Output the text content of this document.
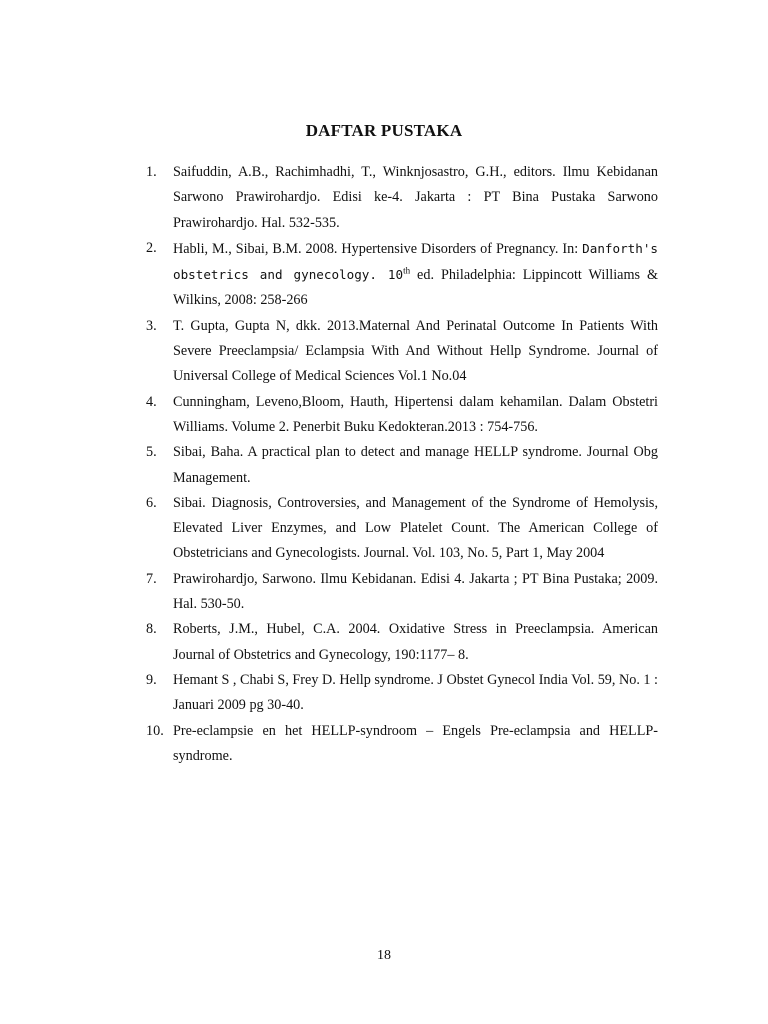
DAFTAR PUSTAKA
1. Saifuddin, A.B., Rachimhadhi, T., Winknjosastro, G.H., editors. Ilmu Kebidanan Sarwono Prawirohardjo. Edisi ke-4. Jakarta : PT Bina Pustaka Sarwono Prawirohardjo. Hal. 532-535.
2. Habli, M., Sibai, B.M. 2008. Hypertensive Disorders of Pregnancy. In: Danforth's obstetrics and gynecology. 10th ed. Philadelphia: Lippincott Williams & Wilkins, 2008: 258-266
3. T. Gupta, Gupta N, dkk. 2013.Maternal And Perinatal Outcome In Patients With Severe Preeclampsia/ Eclampsia With And Without Hellp Syndrome. Journal of Universal College of Medical Sciences Vol.1 No.04
4. Cunningham, Leveno,Bloom, Hauth, Hipertensi dalam kehamilan. Dalam Obstetri Williams. Volume 2. Penerbit Buku Kedokteran.2013 : 754-756.
5. Sibai, Baha. A practical plan to detect and manage HELLP syndrome. Journal Obg Management.
6. Sibai. Diagnosis, Controversies, and Management of the Syndrome of Hemolysis, Elevated Liver Enzymes, and Low Platelet Count. The American College of Obstetricians and Gynecologists. Journal. Vol. 103, No. 5, Part 1, May 2004
7. Prawirohardjo, Sarwono. Ilmu Kebidanan. Edisi 4. Jakarta ; PT Bina Pustaka; 2009. Hal. 530-50.
8. Roberts, J.M., Hubel, C.A. 2004. Oxidative Stress in Preeclampsia. American Journal of Obstetrics and Gynecology, 190:1177– 8.
9. Hemant S , Chabi S, Frey D. Hellp syndrome. J Obstet Gynecol India Vol. 59, No. 1 : Januari 2009 pg 30-40.
10. Pre-eclampsie en het HELLP-syndroom – Engels Pre-eclampsia and HELLP-syndrome.
18
